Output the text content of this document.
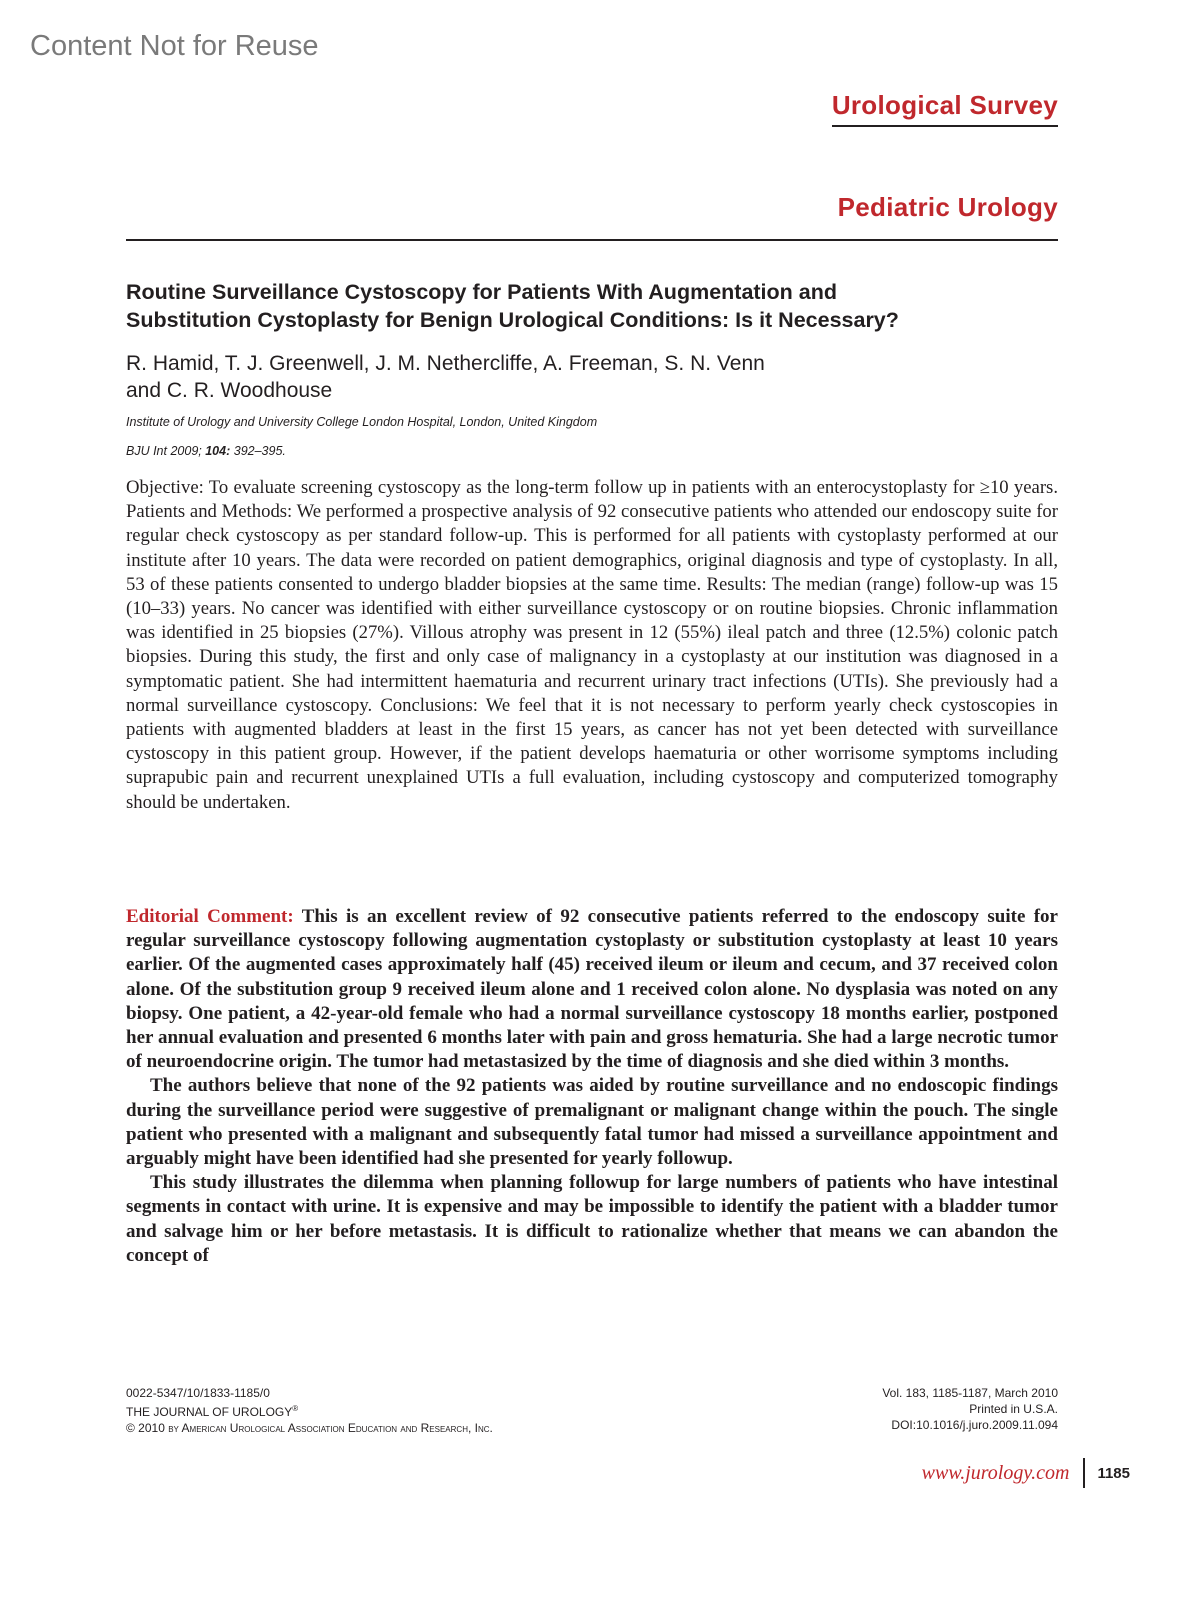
Content Not for Reuse
Urological Survey
Pediatric Urology
Routine Surveillance Cystoscopy for Patients With Augmentation and
Substitution Cystoplasty for Benign Urological Conditions: Is it Necessary?
R. Hamid, T. J. Greenwell, J. M. Nethercliffe, A. Freeman, S. N. Venn
and C. R. Woodhouse
Institute of Urology and University College London Hospital, London, United Kingdom
BJU Int 2009; 104: 392–395.

Objective: To evaluate screening cystoscopy as the long-term follow up in patients with an enterocystoplasty for ≥10 years. Patients and Methods: We performed a prospective analysis of 92 consecutive patients who attended our endoscopy suite for regular check cystoscopy as per standard follow-up. This is performed for all patients with cystoplasty performed at our institute after 10 years. The data were recorded on patient demographics, original diagnosis and type of cystoplasty. In all, 53 of these patients consented to undergo bladder biopsies at the same time. Results: The median (range) follow-up was 15 (10–33) years. No cancer was identified with either surveillance cystoscopy or on routine biopsies. Chronic inflammation was identified in 25 biopsies (27%). Villous atrophy was present in 12 (55%) ileal patch and three (12.5%) colonic patch biopsies. During this study, the first and only case of malignancy in a cystoplasty at our institution was diagnosed in a symptomatic patient. She had intermittent haematuria and recurrent urinary tract infections (UTIs). She previously had a normal surveillance cystoscopy. Conclusions: We feel that it is not necessary to perform yearly check cystoscopies in patients with augmented bladders at least in the first 15 years, as cancer has not yet been detected with surveillance cystoscopy in this patient group. However, if the patient develops haematuria or other worrisome symptoms including suprapubic pain and recurrent unexplained UTIs a full evaluation, including cystoscopy and computerized tomography should be undertaken.

Editorial Comment: This is an excellent review of 92 consecutive patients referred to the endoscopy suite for regular surveillance cystoscopy following augmentation cystoplasty or substitution cystoplasty at least 10 years earlier. Of the augmented cases approximately half (45) received ileum or ileum and cecum, and 37 received colon alone. Of the substitution group 9 received ileum alone and 1 received colon alone. No dysplasia was noted on any biopsy. One patient, a 42-year-old female who had a normal surveillance cystoscopy 18 months earlier, postponed her annual evaluation and presented 6 months later with pain and gross hematuria. She had a large necrotic tumor of neuroendocrine origin. The tumor had metastasized by the time of diagnosis and she died within 3 months.

The authors believe that none of the 92 patients was aided by routine surveillance and no endoscopic findings during the surveillance period were suggestive of premalignant or malignant change within the pouch. The single patient who presented with a malignant and subsequently fatal tumor had missed a surveillance appointment and arguably might have been identified had she presented for yearly followup.

This study illustrates the dilemma when planning followup for large numbers of patients who have intestinal segments in contact with urine. It is expensive and may be impossible to identify the patient with a bladder tumor and salvage him or her before metastasis. It is difficult to rationalize whether that means we can abandon the concept of

0022-5347/10/1833-1185/0
THE JOURNAL OF UROLOGY®
© 2010 by American Urological Association Education and Research, Inc.
Vol. 183, 1185-1187, March 2010
Printed in U.S.A.
DOI:10.1016/j.juro.2009.11.094
www.jurology.com	1185
